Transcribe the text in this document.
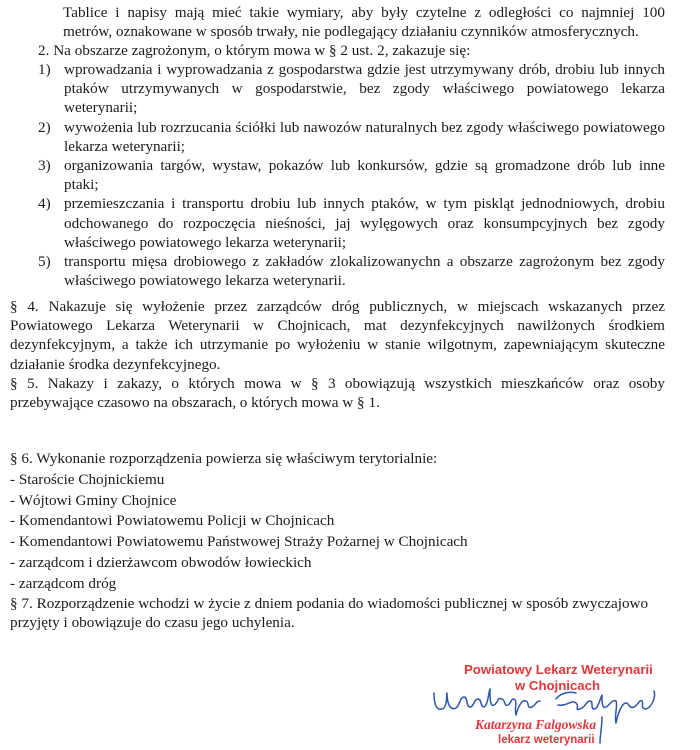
Tablice i napisy mają mieć takie wymiary, aby były czytelne z odległości co najmniej 100
metrów, oznakowane w sposób trwały, nie podlegający działaniu czynników atmosferycznych.
2. Na obszarze zagrożonym, o którym mowa w § 2 ust. 2, zakazuje się:
1) wprowadzania i wyprowadzania z gospodarstwa gdzie jest utrzymywany drób, drobiu lub innych ptaków utrzymywanych w gospodarstwie, bez zgody właściwego powiatowego lekarza weterynarii;
2) wywożenia lub rozrzucania ściółki lub nawozów naturalnych bez zgody właściwego powiatowego lekarza weterynarii;
3) organizowania targów, wystaw, pokazów lub konkursów, gdzie są gromadzone drób lub inne ptaki;
4) przemieszczania i transportu drobiu lub innych ptaków, w tym piskląt jednodniowych, drobiu odchowanego do rozpoczęcia nieśności, jaj wylęgowych oraz konsumpcyjnych bez zgody właściwego powiatowego lekarza weterynarii;
5) transportu mięsa drobiowego z zakładów zlokalizowanychn a obszarze zagrożonym bez zgody właściwego powiatowego lekarza weterynarii.

§ 4. Nakazuje się wyłożenie przez zarządców dróg publicznych, w miejscach wskazanych przez Powiatowego Lekarza Weterynarii w Chojnicach, mat dezynfekcyjnych nawilżonych środkiem dezynfekcyjnym, a także ich utrzymanie po wyłożeniu w stanie wilgotnym, zapewniającym skuteczne działanie środka dezynfekcyjnego.

§ 5. Nakazy i zakazy, o których mowa w § 3 obowiązują wszystkich mieszkańców oraz osoby przebywające czasowo na obszarach, o których mowa w § 1.

§ 6. Wykonanie rozporządzenia powierza się właściwym terytorialnie:
- Staroście Chojnickiemu
- Wójtowi Gminy Chojnice
- Komendantowi Powiatowemu Policji w Chojnicach
- Komendantowi Powiatowemu Państwowej Straży Pożarnej w Chojnicach
- zarządcom i dzierżawcom obwodów łowieckich
- zarządcom dróg

§ 7. Rozporządzenie wchodzi w życie z dniem podania do wiadomości publicznej w sposób zwyczajowo przyjęty i obowiązuje do czasu jego uchylenia.

Powiatowy Lekarz Weterynarii
w Chojnicach
Katarzyna Falgowska
lekarz weterynarii
